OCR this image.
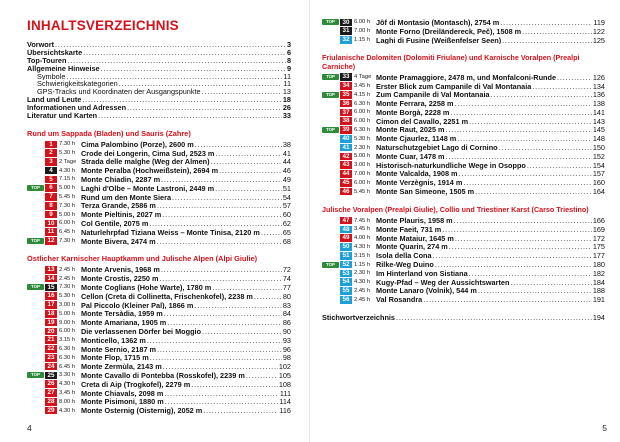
INHALTSVERZEICHNIS
Vorwort . . .	3
Übersichtskarte . . .	6
Top-Touren . . .	8
Allgemeine Hinweise . . .	9
Symbole . . .	11
Schwierigkeitskategorien . . .	11
GPS-Tracks und Koordinaten der Ausgangspunkte . . .	13
Land und Leute . . .	18
Informationen und Adressen . . .	26
Literatur und Karten . . .	33
Rund um Sappada (Bladen) und Sauris (Zahre)
1	7.30 h Cima Palombino (Porze), 2600 m . . .	38
2	5.30 h Crode dei Longerin, Cima Sud, 2523 m . . .	41
3	2 Tage Strada delle malghe (Weg der Almen) . . .	44
4	4.30 h Monte Peralba (Hochweißstein), 2694 m . . .	46
5	7.15 h Monte Chiadin, 2287 m . . .	49
TOP	6	5.00 h Laghi d'Olbe – Monte Lastroni, 2449 m . . .	51
7	5.45 h Rund um den Monte Siera . . .	54
8	7.30 h Terza Grande, 2586 m . . .	57
9	5.00 h Monte Pieltinis, 2027 m . . .	60
10 6.00 h Col Gentile, 2075 m . . .	62
11 6.45 h Naturlehrpfad Tiziana Weiss – Monte Tinisa, 2120 m . . .	65
TOP	12 7.30 h Monte Bivera, 2474 m . . .	68
Östlicher Karnischer Hauptkamm und Julische Alpen (Alpi Giulie)
13 2.45 h Monte Arvenis, 1968 m . . .	72
14 2.45 h Monte Crostis, 2250 m . . .	74
TOP	15 7.30 h Monte Coglians (Hohe Warte), 1780 m . . .	77
16 5.30 h Cellon (Creta di Collinetta, Frischenkofel), 2238 m . . .	80
17 3.00 h Pal Piccolo (Kleiner Pal), 1866 m . . .	83
18 5.00 h Monte Tersàdia, 1959 m . . .	84
19 9.00 h Monte Amariana, 1905 m . . .	86
20 6.00 h Die verlassenen Dörfer bei Moggio . . .	90
21 3.15 h Monticello, 1362 m . . .	93
22 6.30 h Monte Sernio, 2187 m . . .	96
23 6.30 h Monte Flop, 1715 m . . .	98
24 6.45 h Monte Zermùla, 2143 m . . .	102
TOP	25 3.30 h Monte Cavallo di Pontebba (Rosskofel), 2239 m . . .	105
26 4.30 h Creta di Aip (Trogkofel), 2279 m . . .	108
27 3.45 h Monte Chiavals, 2098 m . . .	111
28 8.00 h Monte Pisimoni, 1880 m . . .	114
29 4.30 h Monte Osternig (Oisternig), 2052 m . . .	116
4
TOP	30 6.00 h Jôf di Montasio (Montasch), 2754 m . . .	119
31 7.00 h Monte Forno (Dreiländereck, Peč), 1508 m . . .	122
32 1.15 h Laghi di Fusine (Weißenfelser Seen) . . .	125
Friulanische Dolomiten (Dolomiti Friulane) und Karnische Voralpen (Prealpi Carniche)
TOP	33 4 Tage Monte Pramaggiore, 2478 m, und Monfalconi-Runde . . .	126
34 3.45 h Erster Blick zum Campanile di Val Montanaia . . .	134
TOP	35 4.15 h Zum Campanile di Val Montanaia . . .	136
36 6.30 h Monte Ferrara, 2258 m . . .	138
37 6.00 h Monte Borgà, 2228 m . . .	141
38 6.00 h Cimon del Cavallo, 2251 m . . .	143
TOP	39 6.30 h Monte Raut, 2025 m . . .	145
40 5.30 h Monte Cjaurlez, 1148 m . . .	148
41 2.30 h Naturschutzgebiet Lago di Cornino . . .	150
42 5.00 h Monte Cuar, 1478 m . . .	152
43 3.00 h Historisch-naturkundliche Wege in Osoppo . . .	154
44 7.00 h Monte Valcalda, 1908 m . . .	157
45 6.00 h Monte Verzègnis, 1914 m . . .	160
46 5.45 h Monte San Simeone, 1505 m . . .	164
Julische Voralpen (Prealpi Giulie), Collio und Triestiner Karst (Carso Triestino)
47 7.45 h Monte Plauris, 1958 m . . .	166
48 3.45 h Monte Faeit, 731 m . . .	169
49 4.00 h Monte Mataiur, 1645 m . . .	172
50 4.30 h Monte Quarin, 274 m . . .	175
51 3.15 h Isola della Cona . . .	177
TOP	52 1.15 h Rilke-Weg Duino . . .	180
53 2.30 h Im Hinterland von Sistiana . . .	182
54 4.30 h Kugy-Pfad – Weg der Aussichtswarten . . .	184
55 2.45 h Monte Lanaro (Volnik), 544 m . . .	188
56 2.45 h Val Rosandra . . .	191
Stichwortverzeichnis . . .	194
5
